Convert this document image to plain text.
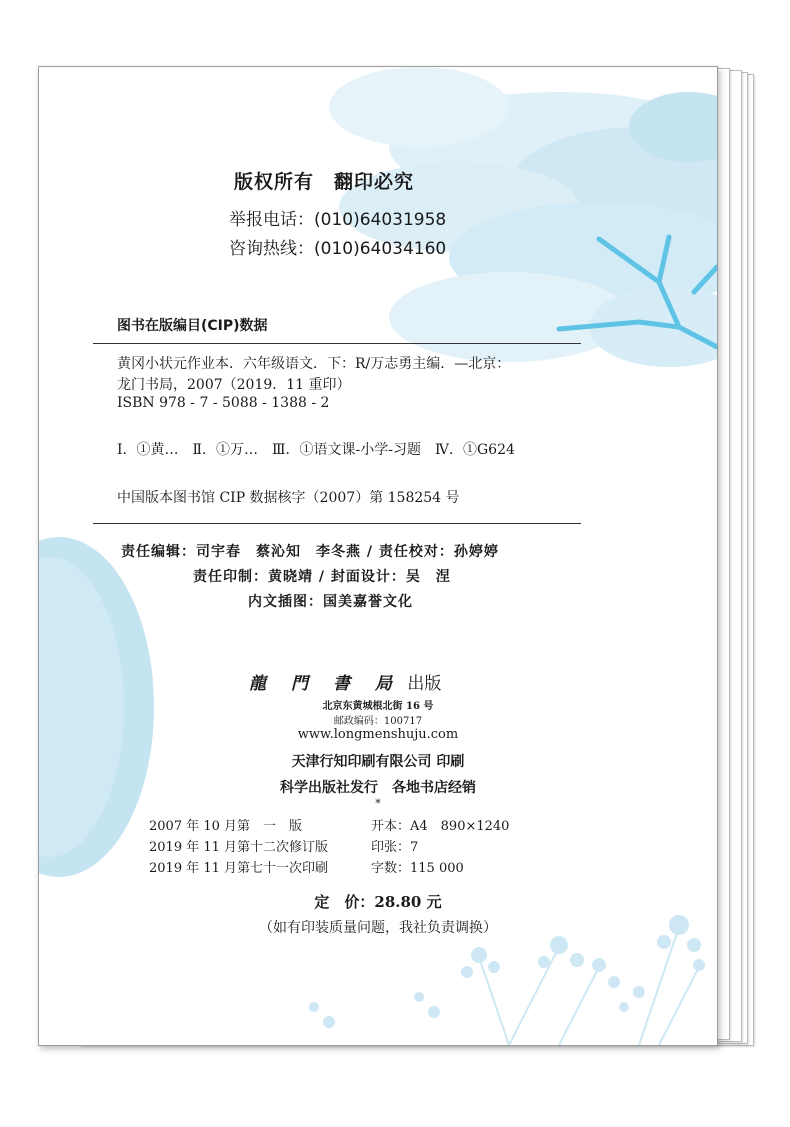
版权所有　翻印必究
举报电话：(010)64031958
咨询热线：(010)64034160
图书在版编目(CIP)数据
黄冈小状元作业本．六年级语文．下：R/万志勇主编．—北京：
龙门书局，2007（2019．11 重印）
ISBN 978 - 7 - 5088 - 1388 - 2
Ⅰ．①黄…　Ⅱ．①万…　Ⅲ．①语文课-小学-习题　Ⅳ．①G624
中国版本图书馆 CIP 数据核字（2007）第 158254 号
责任编辑：司宇春　蔡沁知　李冬燕 / 责任校对：孙婷婷
责任印制：黄晓靖 / 封面设计：吴　涅
内文插图：国美嘉誉文化
龍　門　書　局 出版
北京东黄城根北街 16 号
邮政编码：100717
www.longmenshuju.com
天津行知印刷有限公司 印刷
科学出版社发行　各地书店经销
*
2007 年 10 月第　一　版	开本：A4　890×1240
2019 年 11 月第十二次修订版	印张：7
2019 年 11 月第七十一次印刷	字数：115 000
定　价：28.80 元
（如有印装质量问题，我社负责调换）
